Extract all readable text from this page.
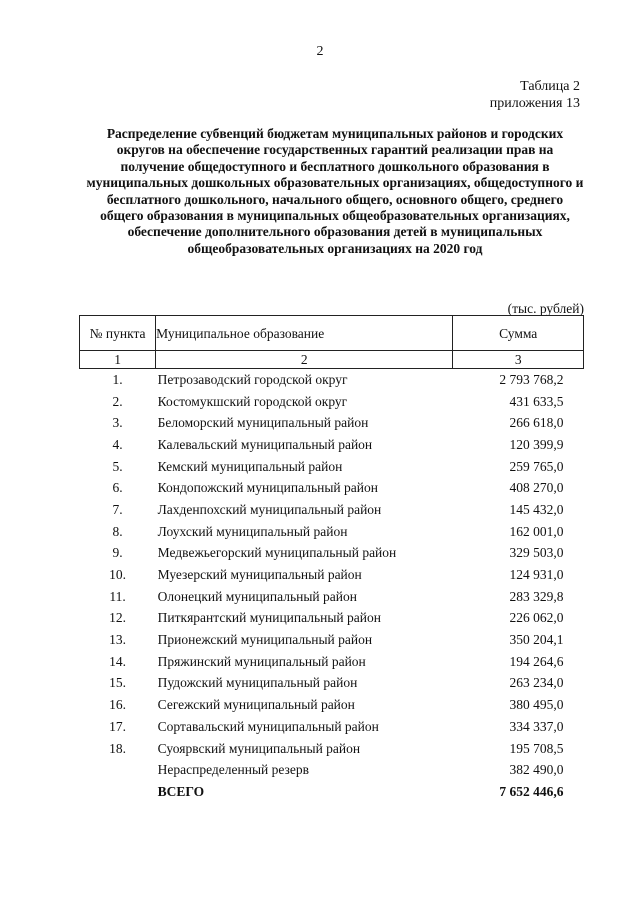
2
Таблица 2
приложения 13
Распределение субвенций бюджетам муниципальных районов и городских округов на обеспечение государственных гарантий реализации прав на получение общедоступного и бесплатного дошкольного образования в муниципальных дошкольных образовательных организациях, общедоступного и бесплатного дошкольного, начального общего, основного общего, среднего общего образования в муниципальных общеобразовательных организациях, обеспечение дополнительного образования детей в муниципальных общеобразовательных организациях на 2020 год
(тыс. рублей)
№ пункта	Муниципальное образование	Сумма
1	2	3
1.	Петрозаводский городской округ	2 793 768,2
2.	Костомукшский городской округ	431 633,5
3.	Беломорский муниципальный район	266 618,0
4.	Калевальский муниципальный район	120 399,9
5.	Кемский муниципальный район	259 765,0
6.	Кондопожский муниципальный район	408 270,0
7.	Лахденпохский муниципальный район	145 432,0
8.	Лоухский муниципальный район	162 001,0
9.	Медвежьегорский муниципальный район	329 503,0
10.	Муезерский муниципальный район	124 931,0
11.	Олонецкий муниципальный район	283 329,8
12.	Питкярантский муниципальный район	226 062,0
13.	Прионежский муниципальный район	350 204,1
14.	Пряжинский муниципальный район	194 264,6
15.	Пудожский муниципальный район	263 234,0
16.	Сегежский муниципальный район	380 495,0
17.	Сортавальский муниципальный район	334 337,0
18.	Суоярвский муниципальный район	195 708,5
	Нераспределенный резерв	382 490,0
	ВСЕГО	7 652 446,6
